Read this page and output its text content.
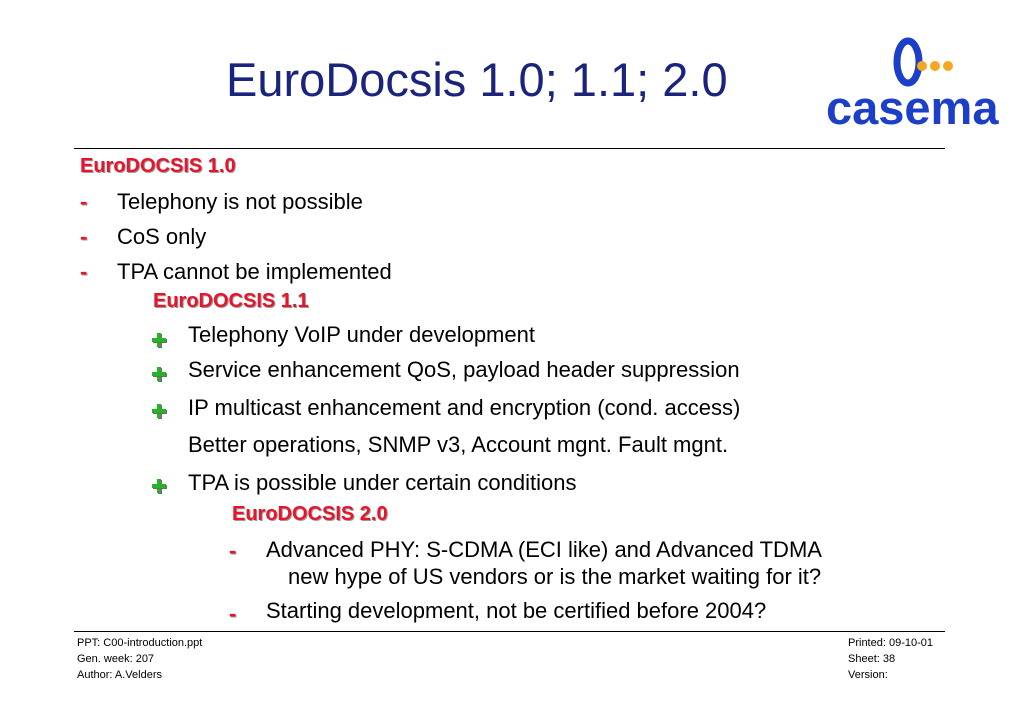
EuroDocsis 1.0; 1.1; 2.0
casema
EuroDOCSIS 1.0
- Telephony is not possible
- CoS only
- TPA cannot be implemented
EuroDOCSIS 1.1
Telephony VoIP under development
Service enhancement QoS, payload header suppression
IP multicast enhancement and encryption (cond. access)
Better operations, SNMP v3, Account mgnt. Fault mgnt.
TPA is possible under certain conditions
EuroDOCSIS 2.0
- Advanced PHY: S-CDMA (ECI like) and Advanced TDMA
new hype of US vendors or is the market waiting for it?
- Starting development, not be certified before 2004?
PPT: C00-introduction.ppt
Gen. week: 207
Author: A.Velders
Printed: 09-10-01
Sheet: 38
Version:
